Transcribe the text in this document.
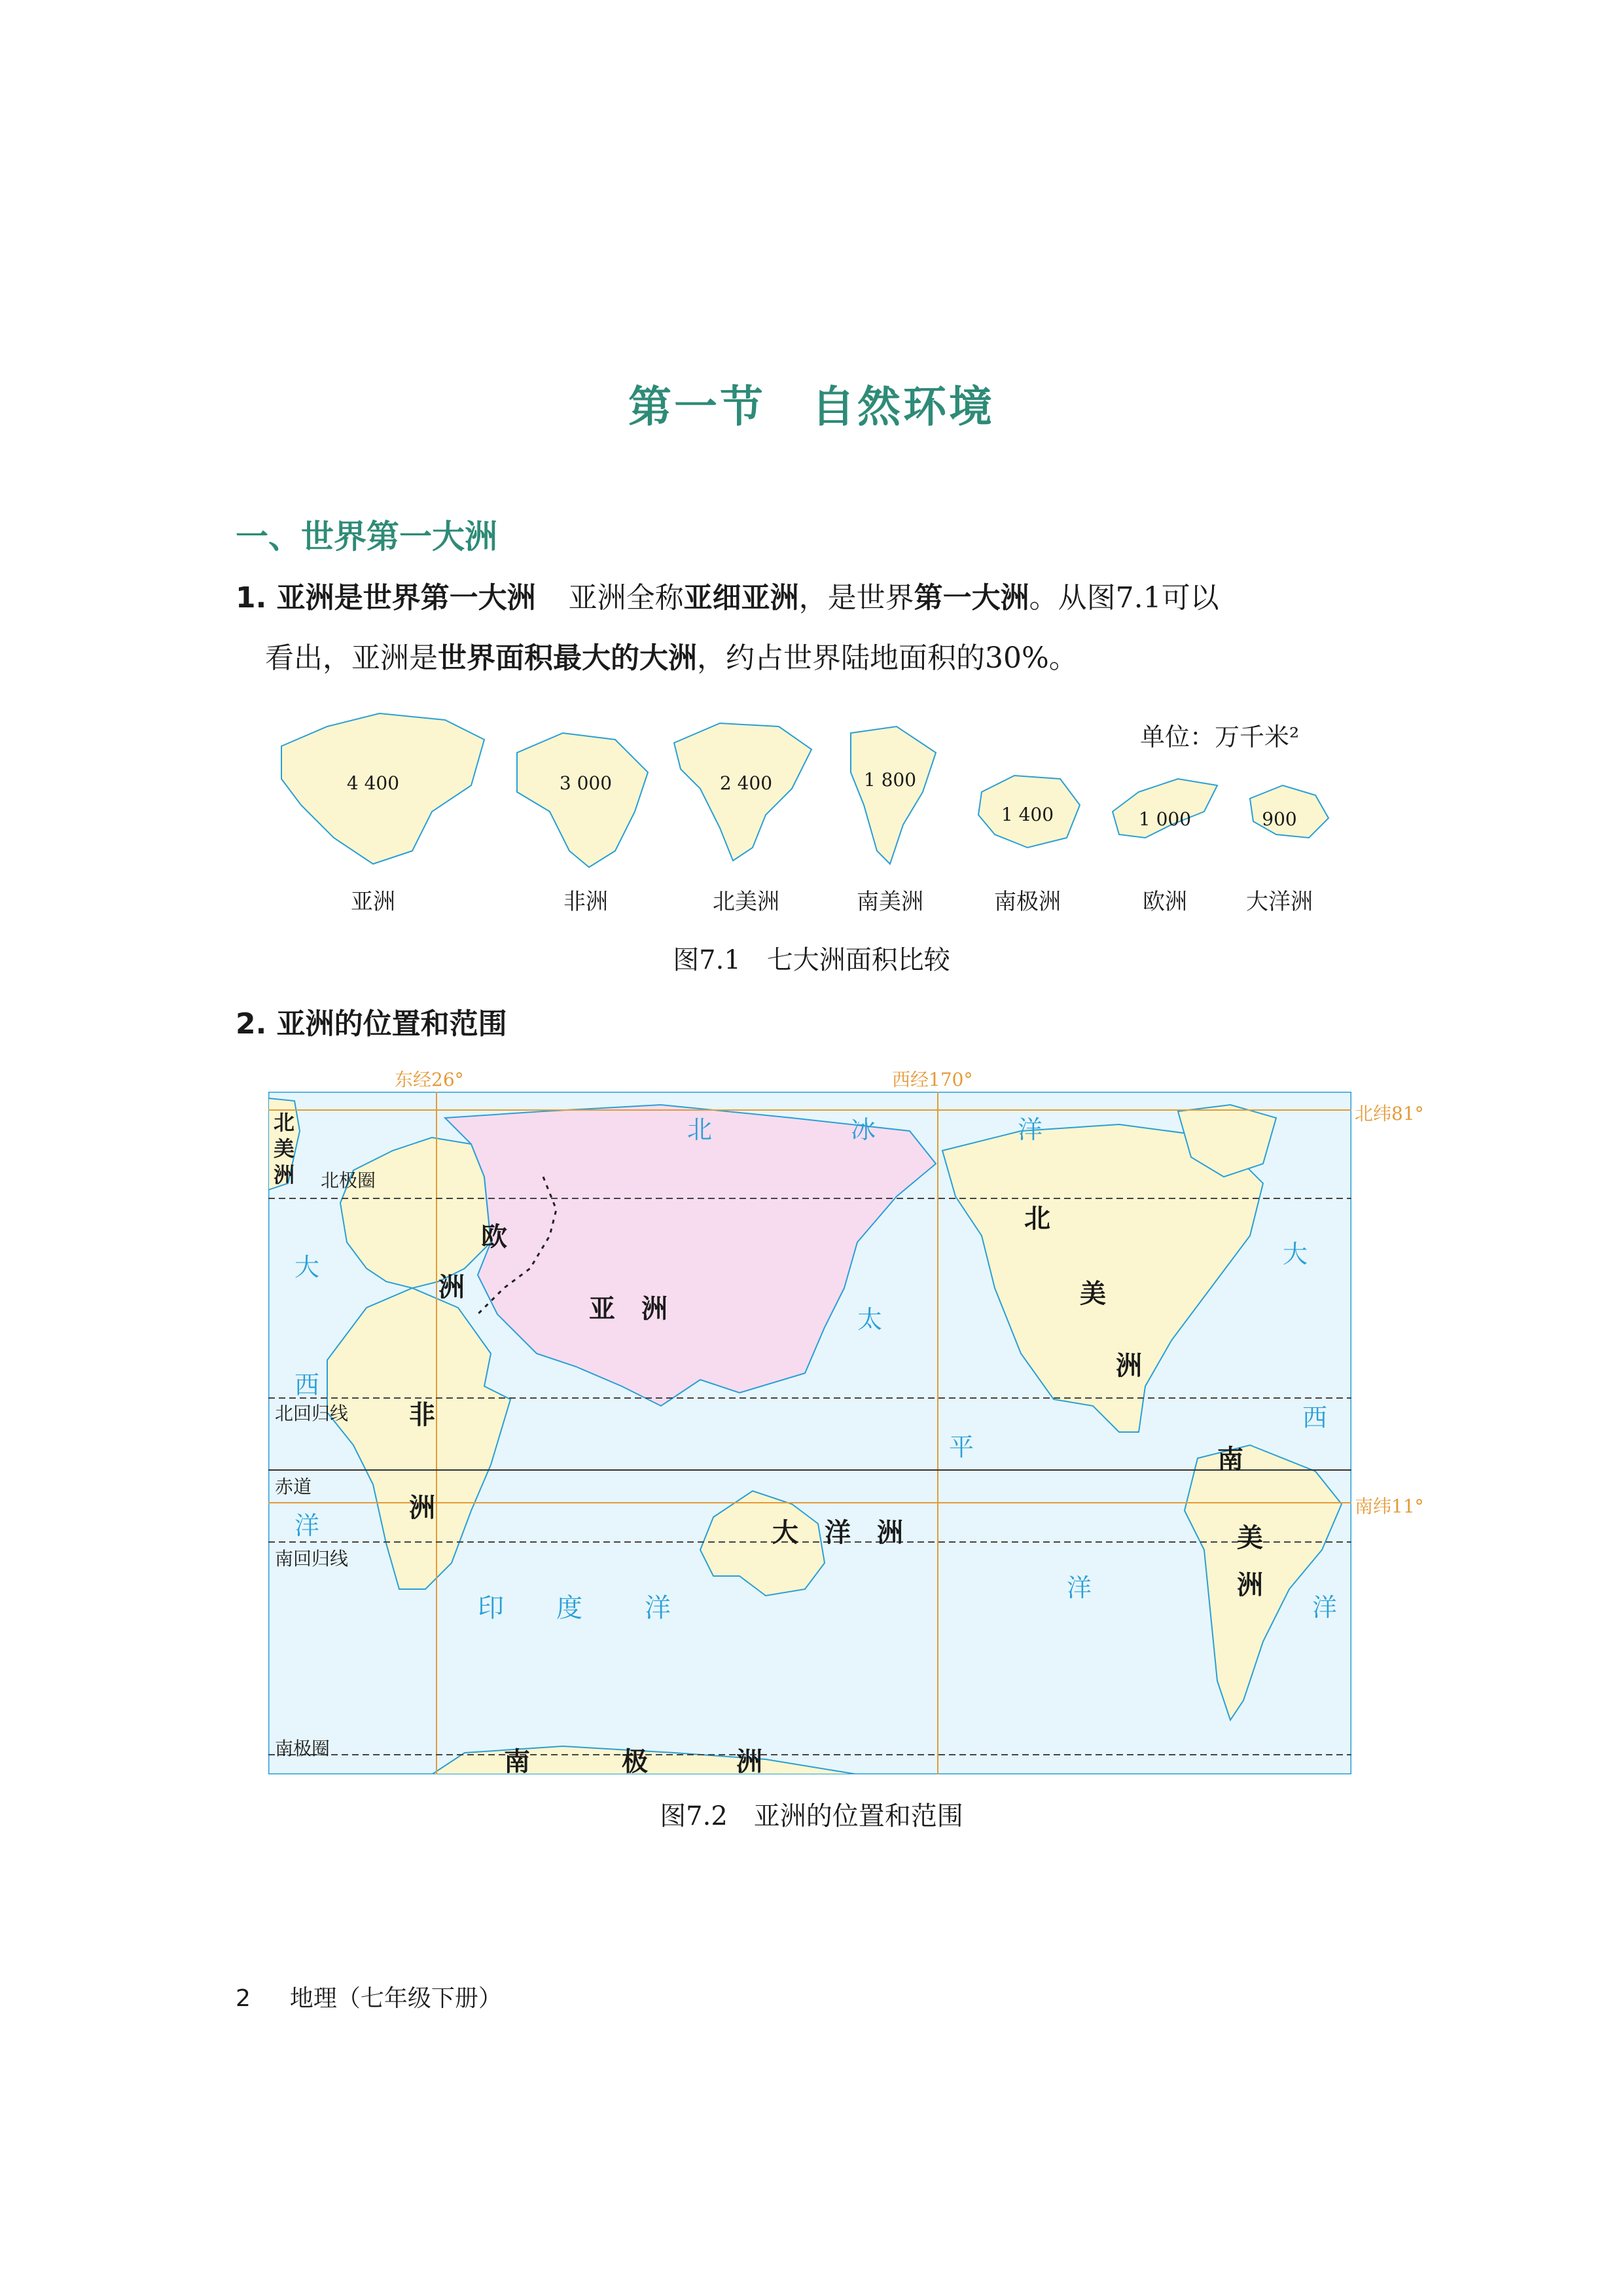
第一节　自然环境
一、世界第一大洲
1. 亚洲是世界第一大洲 亚洲全称亚细亚洲，是世界第一大洲。从图7.1可以
看出，亚洲是世界面积最大的大洲，约占世界陆地面积的30%。
单位：万千米²
4 400
亚洲
3 000
非洲
2 400
北美洲
1 800
南美洲
1 400
南极洲
1 000
欧洲
900
大洋洲
图7.1　七大洲面积比较
2. 亚洲的位置和范围
东经26°	西经170°
北纬81°
南纬11°
北极圈
北回归线
赤道
南回归线
南极圈
亚　洲
大　洋　洲
北
美
洲
欧
洲
非
洲
北
美
洲
南
美
洲
南	极	洲
北	冰	洋
太
平
洋
大
西
洋
大
西
洋
印 度 洋
图7.2　亚洲的位置和范围
2 地理（七年级下册）
